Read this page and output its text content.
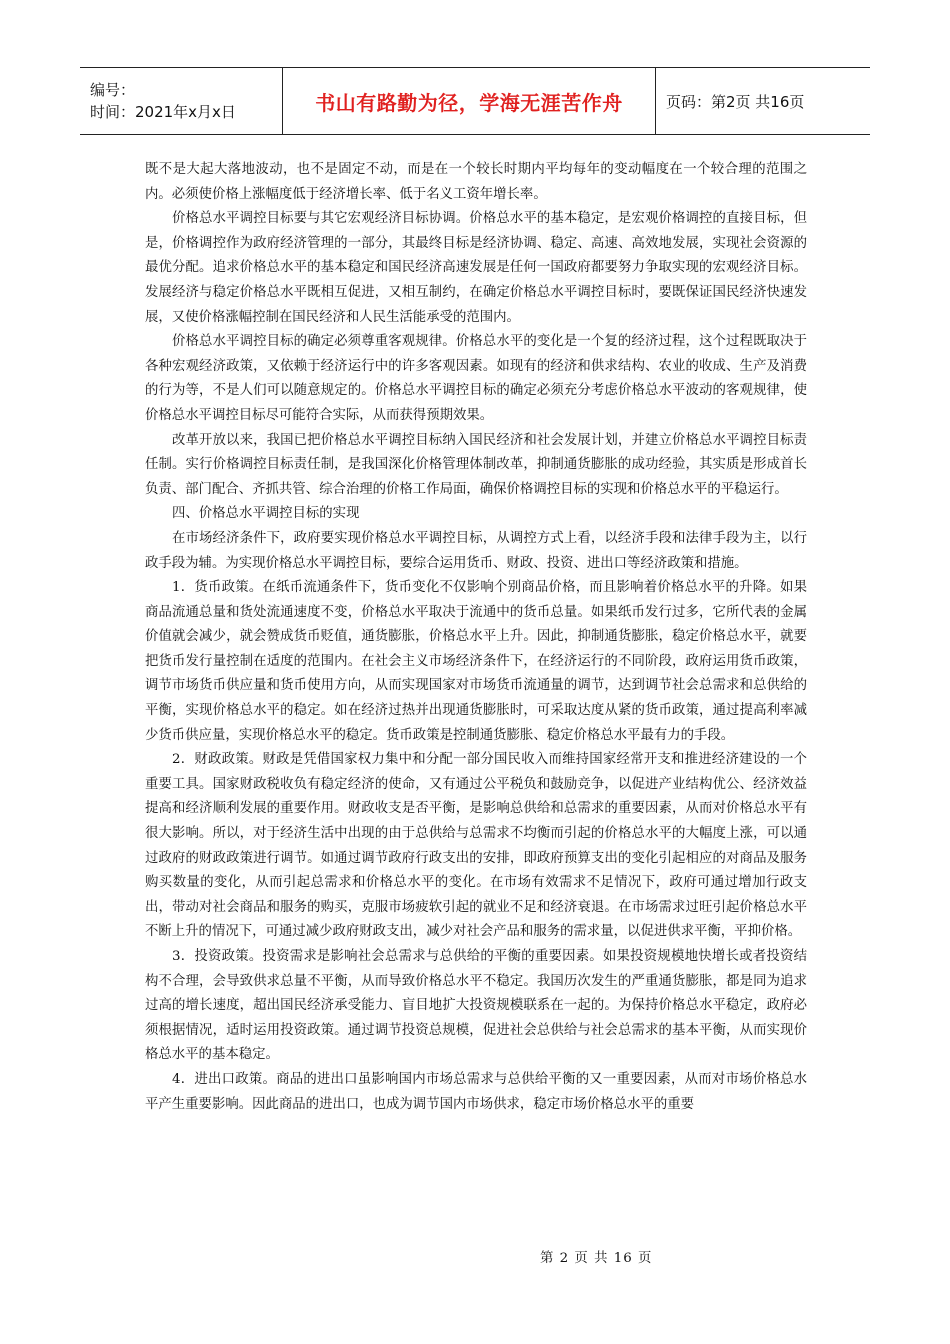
编号：
时间：2021年x月x日	书山有路勤为径，学海无涯苦作舟	页码：第2页 共16页

既不是大起大落地波动，也不是固定不动，而是在一个较长时期内平均每年的变动幅度在一个较合理的范围之内。必须使价格上涨幅度低于经济增长率、低于名义工资年增长率。

价格总水平调控目标要与其它宏观经济目标协调。价格总水平的基本稳定，是宏观价格调控的直接目标，但是，价格调控作为政府经济管理的一部分，其最终目标是经济协调、稳定、高速、高效地发展，实现社会资源的最优分配。追求价格总水平的基本稳定和国民经济高速发展是任何一国政府都要努力争取实现的宏观经济目标。发展经济与稳定价格总水平既相互促进，又相互制约，在确定价格总水平调控目标时，要既保证国民经济快速发展，又使价格涨幅控制在国民经济和人民生活能承受的范围内。

价格总水平调控目标的确定必须尊重客观规律。价格总水平的变化是一个复的经济过程，这个过程既取决于各种宏观经济政策，又依赖于经济运行中的许多客观因素。如现有的经济和供求结构、农业的收成、生产及消费的行为等，不是人们可以随意规定的。价格总水平调控目标的确定必须充分考虑价格总水平波动的客观规律，使价格总水平调控目标尽可能符合实际，从而获得预期效果。

改革开放以来，我国已把价格总水平调控目标纳入国民经济和社会发展计划，并建立价格总水平调控目标责任制。实行价格调控目标责任制，是我国深化价格管理体制改革，抑制通货膨胀的成功经验，其实质是形成首长负责、部门配合、齐抓共管、综合治理的价格工作局面，确保价格调控目标的实现和价格总水平的平稳运行。

四、价格总水平调控目标的实现

在市场经济条件下，政府要实现价格总水平调控目标，从调控方式上看，以经济手段和法律手段为主，以行政手段为辅。为实现价格总水平调控目标，要综合运用货币、财政、投资、进出口等经济政策和措施。

1．货币政策。在纸币流通条件下，货币变化不仅影响个别商品价格，而且影响着价格总水平的升降。如果商品流通总量和货处流通速度不变，价格总水平取决于流通中的货币总量。如果纸币发行过多，它所代表的金属价值就会减少，就会赞成货币贬值，通货膨胀，价格总水平上升。因此，抑制通货膨胀，稳定价格总水平，就要把货币发行量控制在适度的范围内。在社会主义市场经济条件下，在经济运行的不同阶段，政府运用货币政策，调节市场货币供应量和货币使用方向，从而实现国家对市场货币流通量的调节，达到调节社会总需求和总供给的平衡，实现价格总水平的稳定。如在经济过热并出现通货膨胀时，可采取达度从紧的货币政策，通过提高利率减少货币供应量，实现价格总水平的稳定。货币政策是控制通货膨胀、稳定价格总水平最有力的手段。

2．财政政策。财政是凭借国家权力集中和分配一部分国民收入而维持国家经常开支和推进经济建设的一个重要工具。国家财政税收负有稳定经济的使命，又有通过公平税负和鼓励竞争，以促进产业结构优公、经济效益提高和经济顺利发展的重要作用。财政收支是否平衡，是影响总供给和总需求的重要因素，从而对价格总水平有很大影响。所以，对于经济生活中出现的由于总供给与总需求不均衡而引起的价格总水平的大幅度上涨，可以通过政府的财政政策进行调节。如通过调节政府行政支出的安排，即政府预算支出的变化引起相应的对商品及服务购买数量的变化，从而引起总需求和价格总水平的变化。在市场有效需求不足情况下，政府可通过增加行政支出，带动对社会商品和服务的购买，克服市场疲软引起的就业不足和经济衰退。在市场需求过旺引起价格总水平不断上升的情况下，可通过减少政府财政支出，减少对社会产品和服务的需求量，以促进供求平衡，平抑价格。

3．投资政策。投资需求是影响社会总需求与总供给的平衡的重要因素。如果投资规模地快增长或者投资结构不合理，会导致供求总量不平衡，从而导致价格总水平不稳定。我国历次发生的严重通货膨胀，都是同为追求过高的增长速度，超出国民经济承受能力、盲目地扩大投资规模联系在一起的。为保持价格总水平稳定，政府必须根据情况，适时运用投资政策。通过调节投资总规模，促进社会总供给与社会总需求的基本平衡，从而实现价格总水平的基本稳定。

4．进出口政策。商品的进出口虽影响国内市场总需求与总供给平衡的又一重要因素，从而对市场价格总水平产生重要影响。因此商品的进出口，也成为调节国内市场供求，稳定市场价格总水平的重要

第 2 页 共 16 页
